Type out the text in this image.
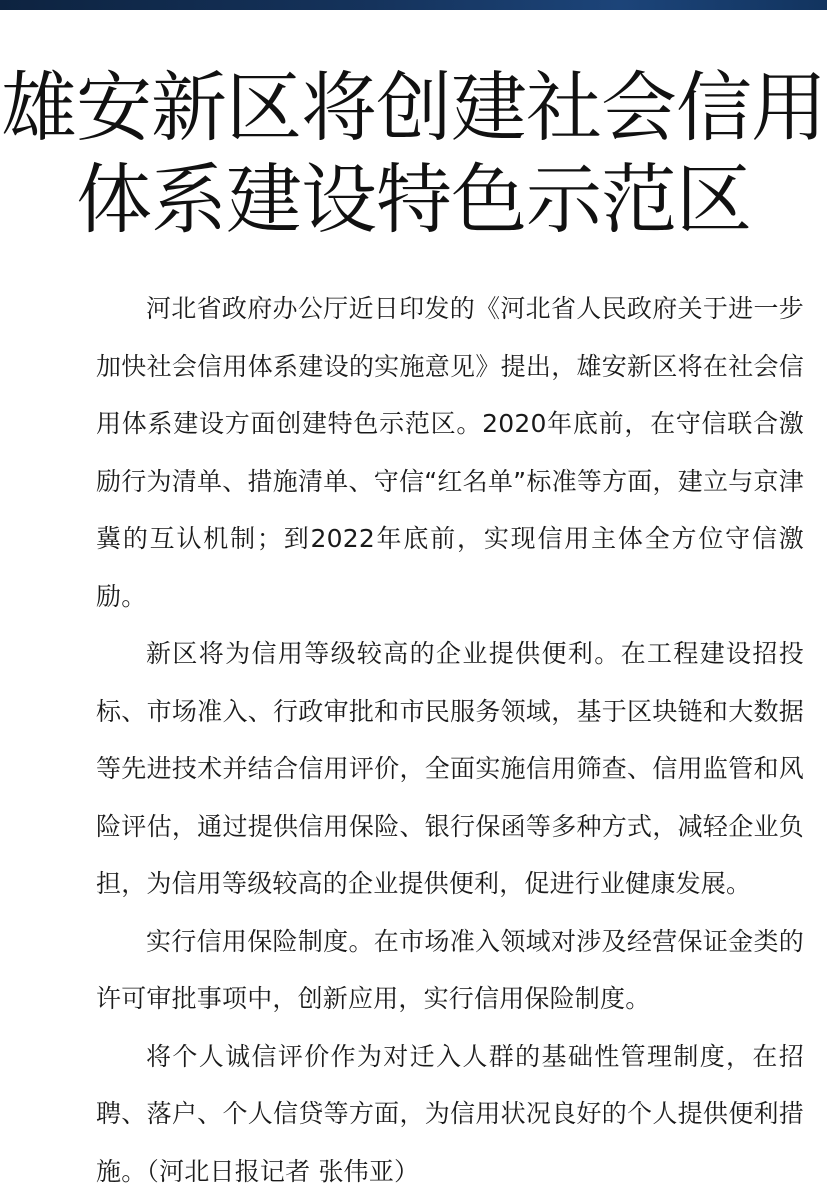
雄安新区将创建社会信用
体系建设特色示范区

河北省政府办公厅近日印发的《河北省人民政府关于进一步加快社会信用体系建设的实施意见》提出，雄安新区将在社会信用体系建设方面创建特色示范区。2020年底前，在守信联合激励行为清单、措施清单、守信“红名单”标准等方面，建立与京津冀的互认机制；到2022年底前，实现信用主体全方位守信激励。

新区将为信用等级较高的企业提供便利。在工程建设招投标、市场准入、行政审批和市民服务领域，基于区块链和大数据等先进技术并结合信用评价，全面实施信用筛查、信用监管和风险评估，通过提供信用保险、银行保函等多种方式，减轻企业负担，为信用等级较高的企业提供便利，促进行业健康发展。

实行信用保险制度。在市场准入领域对涉及经营保证金类的许可审批事项中，创新应用，实行信用保险制度。

将个人诚信评价作为对迁入人群的基础性管理制度，在招聘、落户、个人信贷等方面，为信用状况良好的个人提供便利措施。（河北日报记者 张伟亚）
